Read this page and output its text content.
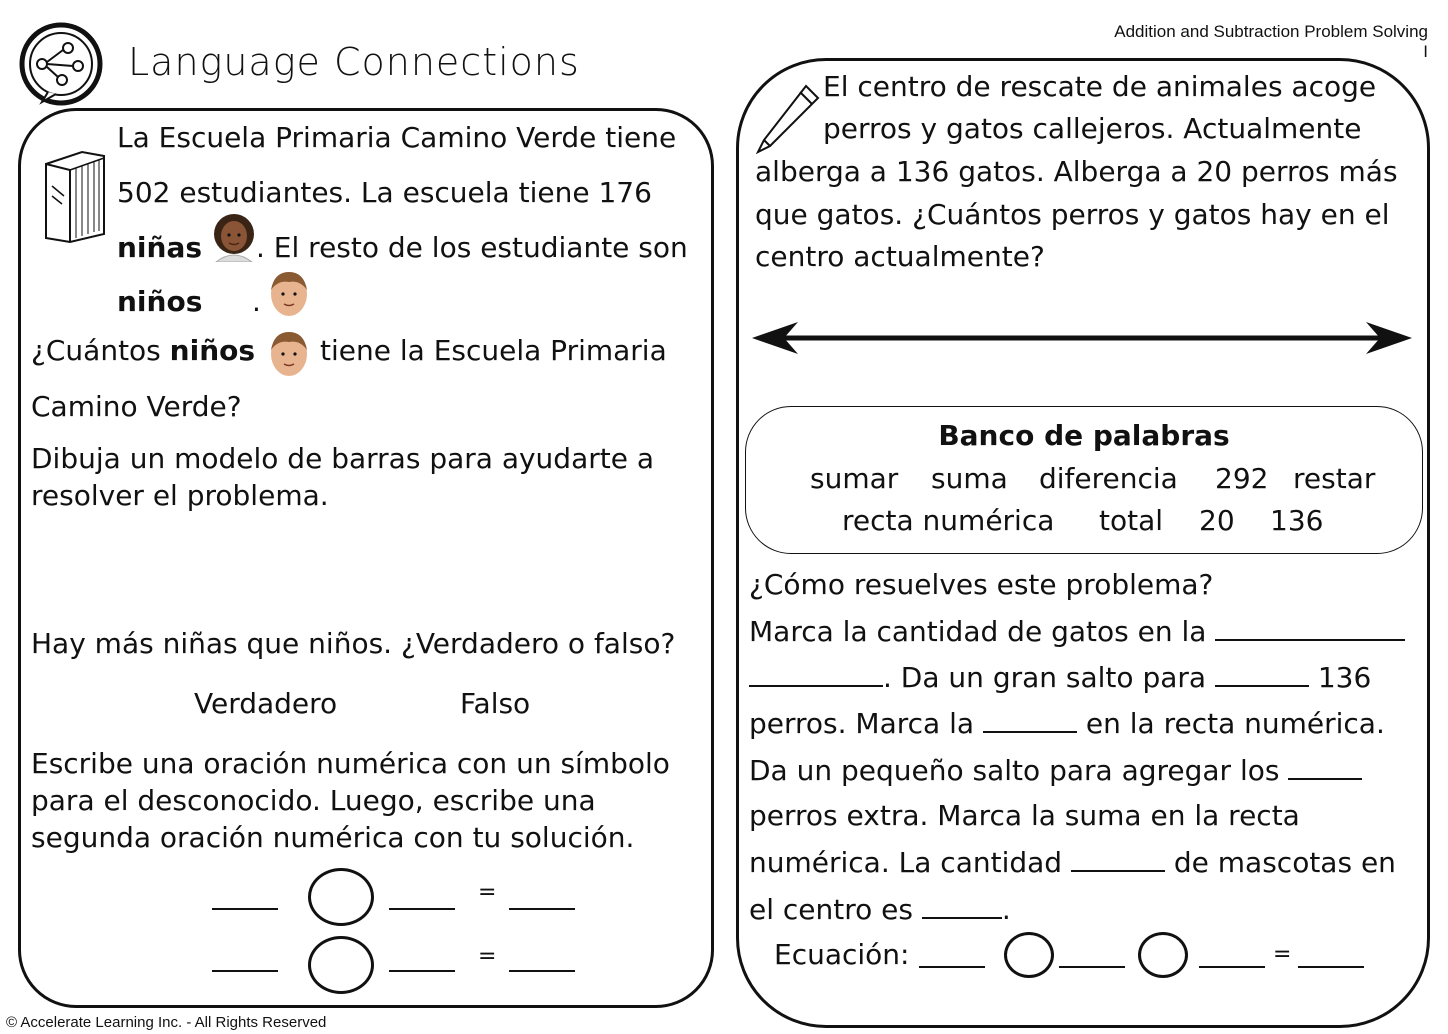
Addition and Subtraction Problem Solving
I
Language Connections
La Escuela Primaria Camino Verde tiene
502 estudiantes. La escuela tiene 176
niñas . El resto de los estudiante son
niños .
¿Cuántos niños tiene la Escuela Primaria
Camino Verde?
Dibuja un modelo de barras para ayudarte a
resolver el problema.
Hay más niñas que niños. ¿Verdadero o falso?
Verdadero	Falso
Escribe una oración numérica con un símbolo
para el desconocido. Luego, escribe una
segunda oración numérica con tu solución.
=
=
El centro de rescate de animales acoge
perros y gatos callejeros. Actualmente
alberga a 136 gatos. Alberga a 20 perros más
que gatos. ¿Cuántos perros y gatos hay en el
centro actualmente?
Banco de palabras
sumar suma diferencia 292 restar
recta numérica total 20 136
¿Cómo resuelves este problema?
Marca la cantidad de gatos en la
. Da un gran salto para	136
perros. Marca la	en la recta numérica.
Da un pequeño salto para agregar los
perros extra. Marca la suma en la recta
numérica. La cantidad	de mascotas en
el centro es	.
Ecuación:	=
© Accelerate Learning Inc. - All Rights Reserved
